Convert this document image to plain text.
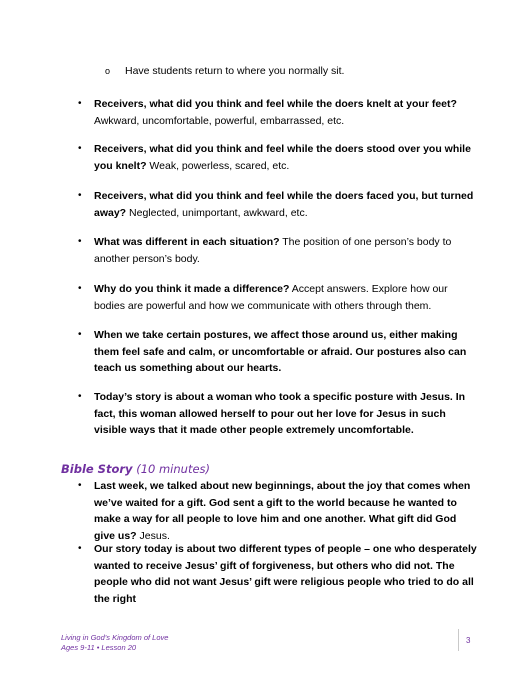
o	Have students return to where you normally sit.
• Receivers, what did you think and feel while the doers knelt at your feet? Awkward, uncomfortable, powerful, embarrassed, etc.
• Receivers, what did you think and feel while the doers stood over you while you knelt? Weak, powerless, scared, etc.
• Receivers, what did you think and feel while the doers faced you, but turned away? Neglected, unimportant, awkward, etc.
• What was different in each situation? The position of one person’s body to another person’s body.
• Why do you think it made a difference? Accept answers. Explore how our bodies are powerful and how we communicate with others through them.
• When we take certain postures, we affect those around us, either making them feel safe and calm, or uncomfortable or afraid. Our postures also can teach us something about our hearts.
• Today’s story is about a woman who took a specific posture with Jesus. In fact, this woman allowed herself to pour out her love for Jesus in such visible ways that it made other people extremely uncomfortable.
Bible Story (10 minutes)
• Last week, we talked about new beginnings, about the joy that comes when we’ve waited for a gift. God sent a gift to the world because he wanted to make a way for all people to love him and one another. What gift did God give us? Jesus.
• Our story today is about two different types of people – one who desperately wanted to receive Jesus’ gift of forgiveness, but others who did not. The people who did not want Jesus’ gift were religious people who tried to do all the right
Living in God’s Kingdom of Love
Ages 9-11 • Lesson 20
3
